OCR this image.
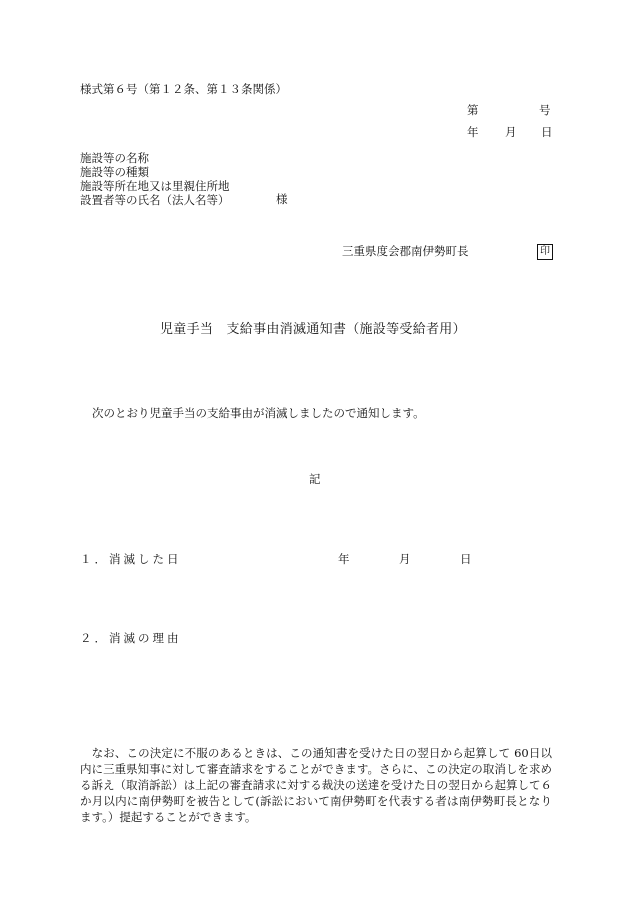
様式第６号（第１２条、第１３条関係）
第	号
年 月 日
施設等の名称
施設等の種類
施設等所在地又は里親住所地
設置者等の氏名（法人名等）	様
三重県度会郡南伊勢町長	印
児童手当　支給事由消滅通知書（施設等受給者用）
次のとおり児童手当の支給事由が消滅しましたので通知します。
記
１．消滅した日	年	月	日
２．消滅の理由
　なお、この決定に不服のあるときは、この通知書を受けた日の翌日から起算して 60日以内に三重県知事に対して審査請求をすることができます。さらに、この決定の取消しを求める訴え（取消訴訟）は上記の審査請求に対する裁決の送達を受けた日の翌日から起算して６か月以内に南伊勢町を被告として(訴訟において南伊勢町を代表する者は南伊勢町長となります。）提起することができます。
